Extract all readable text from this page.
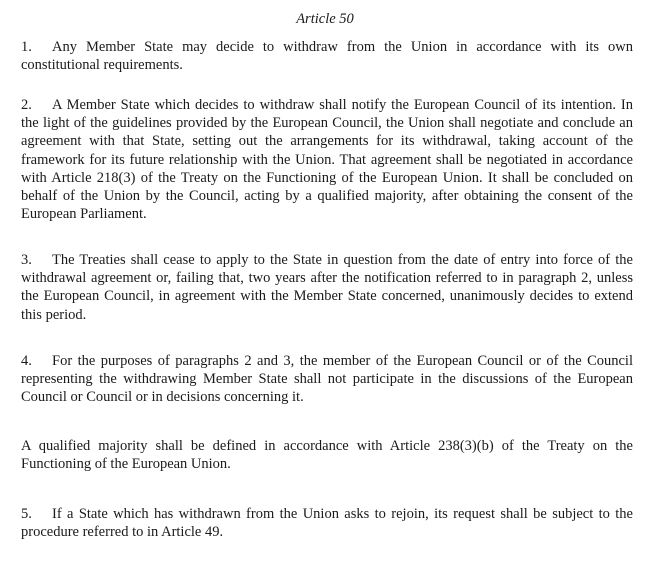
Article 50
1. Any Member State may decide to withdraw from the Union in accordance with its own constitutional requirements.
2. A Member State which decides to withdraw shall notify the European Council of its intention. In the light of the guidelines provided by the European Council, the Union shall negotiate and conclude an agreement with that State, setting out the arrangements for its withdrawal, taking account of the framework for its future relationship with the Union. That agreement shall be negotiated in accordance with Article 218(3) of the Treaty on the Functioning of the European Union. It shall be concluded on behalf of the Union by the Council, acting by a qualified majority, after obtaining the consent of the European Parliament.
3. The Treaties shall cease to apply to the State in question from the date of entry into force of the withdrawal agreement or, failing that, two years after the notification referred to in paragraph 2, unless the European Council, in agreement with the Member State concerned, unanimously decides to extend this period.
4. For the purposes of paragraphs 2 and 3, the member of the European Council or of the Council representing the withdrawing Member State shall not participate in the discussions of the European Council or Council or in decisions concerning it.
A qualified majority shall be defined in accordance with Article 238(3)(b) of the Treaty on the Functioning of the European Union.
5. If a State which has withdrawn from the Union asks to rejoin, its request shall be subject to the procedure referred to in Article 49.
